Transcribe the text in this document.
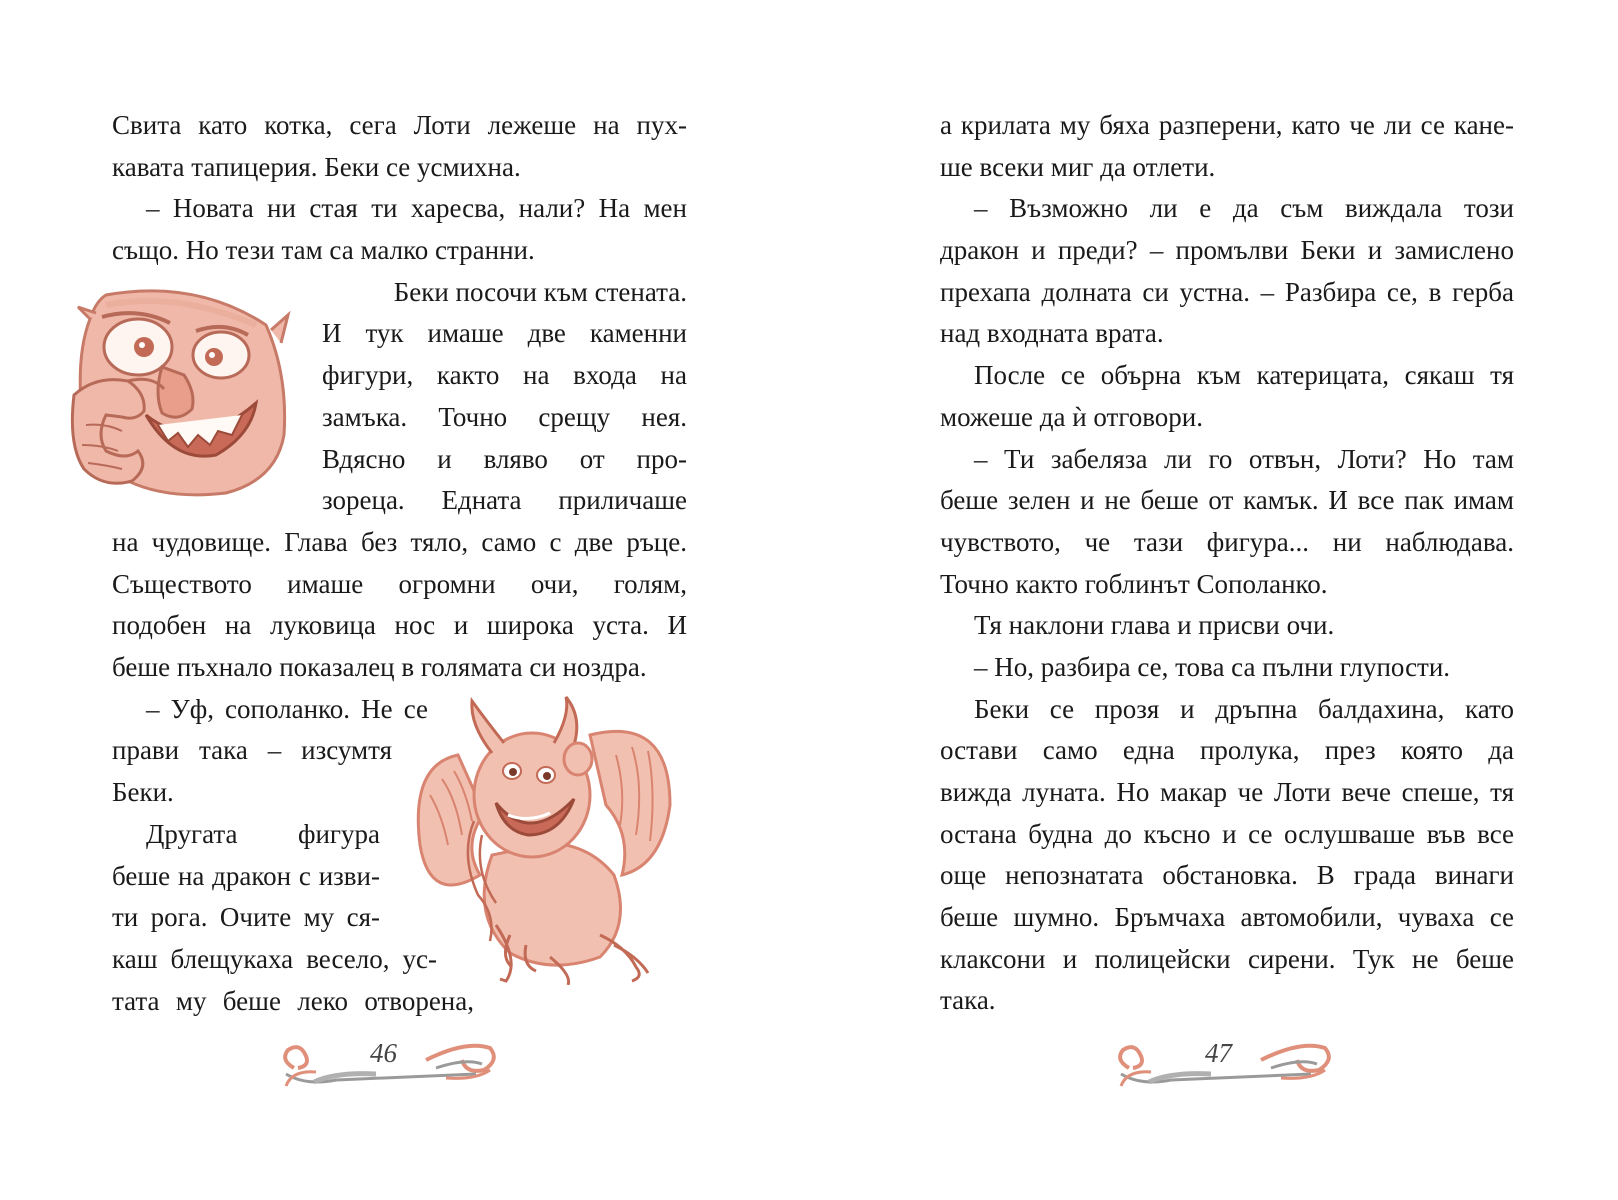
Свита като котка, сега Лоти лежеше на пух-
кавата тапицерия. Беки се усмихна.
– Новата ни стая ти харесва, нали? На мен
също. Но тези там са малко странни.
Беки посочи към стената.
И тук имаше две каменни
фигури, както на входа на
замъка. Точно срещу нея.
Вдясно и вляво от про-
зореца. Едната приличаше
на чудовище. Глава без тяло, само с две ръце.
Съществото имаше огромни очи, голям,
подобен на луковица нос и широка уста. И
беше пъхнало показалец в голямата си ноздра.
– Уф, сополанко. Не се
прави така – изсумтя
Беки.
Другата фигура
беше на дракон с изви-
ти рога. Очите му ся-
каш блещукаха весело, ус-
тата му беше леко отворена,
46
а крилата му бяха разперени, като че ли се кане-
ше всеки миг да отлети.
– Възможно ли е да съм виждала този
дракон и преди? – промълви Беки и замислено
прехапа долната си устна. – Разбира се, в герба
над входната врата.
После се обърна към катерицата, сякаш тя
можеше да ѝ отговори.
– Ти забеляза ли го отвън, Лоти? Но там
беше зелен и не беше от камък. И все пак имам
чувството, че тази фигура... ни наблюдава.
Точно както гоблинът Сополанко.
Тя наклони глава и присви очи.
– Но, разбира се, това са пълни глупости.
Беки се прозя и дръпна балдахина, като
остави само една пролука, през която да
вижда луната. Но макар че Лоти вече спеше, тя
остана будна до късно и се ослушваше във все
още непознатата обстановка. В града винаги
беше шумно. Бръмчаха автомобили, чуваха се
клаксони и полицейски сирени. Тук не беше
така.
47
